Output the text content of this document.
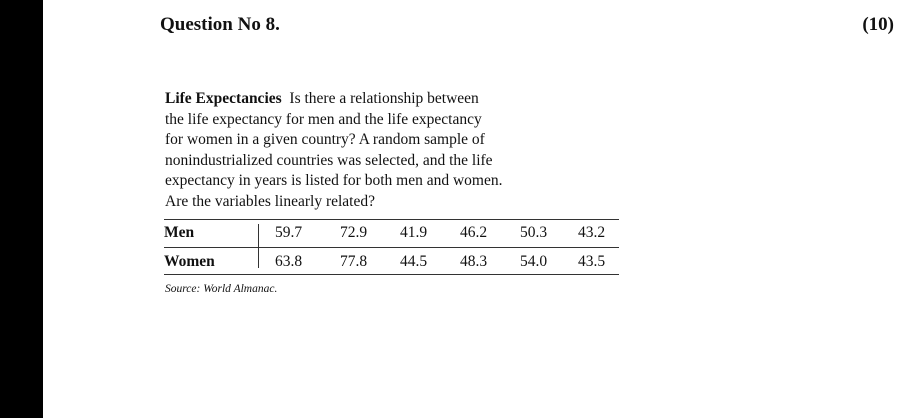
Question No 8.	(10)
Life Expectancies Is there a relationship between
the life expectancy for men and the life expectancy
for women in a given country? A random sample of
nonindustrialized countries was selected, and the life
expectancy in years is listed for both men and women.
Are the variables linearly related?
Men	59.7 72.9 41.9 46.2 50.3 43.2
Women	63.8 77.8 44.5 48.3 54.0 43.5
Source: World Almanac.
